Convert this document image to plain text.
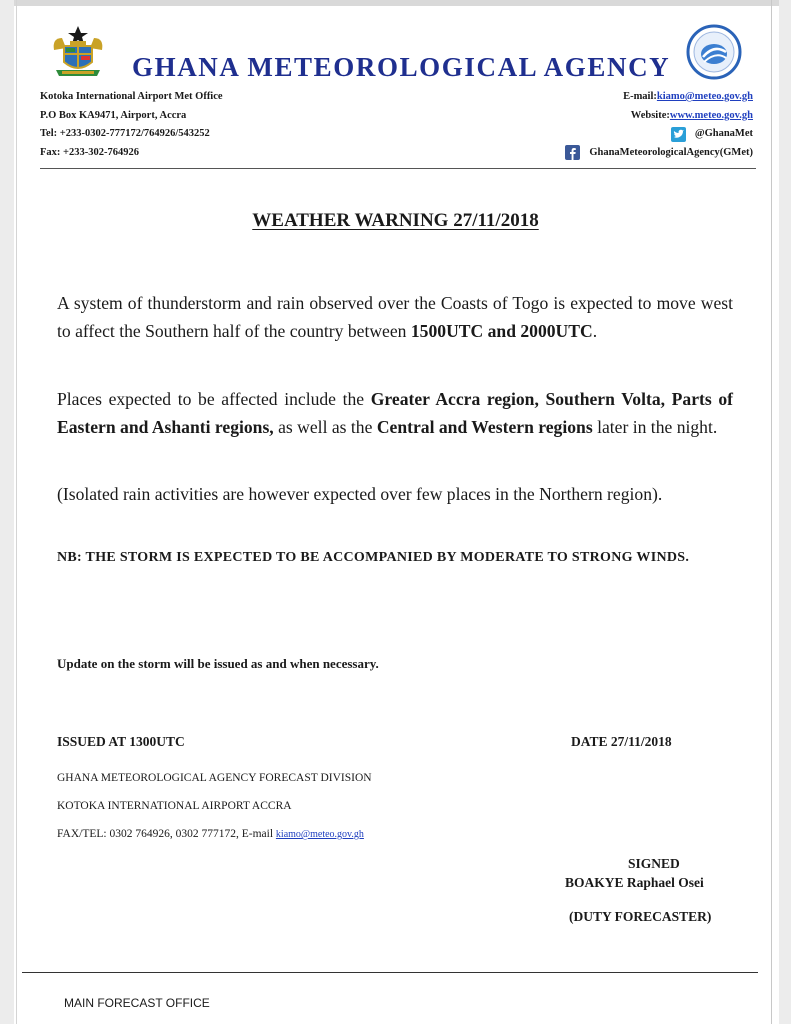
GHANA METEOROLOGICAL AGENCY
Kotoka International Airport Met Office
P.O Box KA9471, Airport, Accra
Tel: +233-0302-777172/764926/543252
Fax: +233-302-764926
E-mail: kiamo@meteo.gov.gh
Website: www.meteo.gov.gh
@GhanaMet
GhanaMeteorologicalAgency(GMet)
WEATHER WARNING 27/11/2018
A system of thunderstorm and rain observed over the Coasts of Togo is expected to move west to affect the Southern half of the country between 1500UTC and 2000UTC.
Places expected to be affected include the Greater Accra region, Southern Volta, Parts of Eastern and Ashanti regions, as well as the Central and Western regions later in the night.
(Isolated rain activities are however expected over few places in the Northern region).
NB: THE STORM IS EXPECTED TO BE ACCOMPANIED BY MODERATE TO STRONG WINDS.
Update on the storm will be issued as and when necessary.
ISSUED AT 1300UTC	DATE 27/11/2018
GHANA METEOROLOGICAL AGENCY FORECAST DIVISION
KOTOKA INTERNATIONAL AIRPORT ACCRA
FAX/TEL: 0302 764926, 0302 777172, E-mail kiamo@meteo.gov.gh
SIGNED
BOAKYE Raphael Osei
(DUTY FORECASTER)
MAIN FORECAST OFFICE
